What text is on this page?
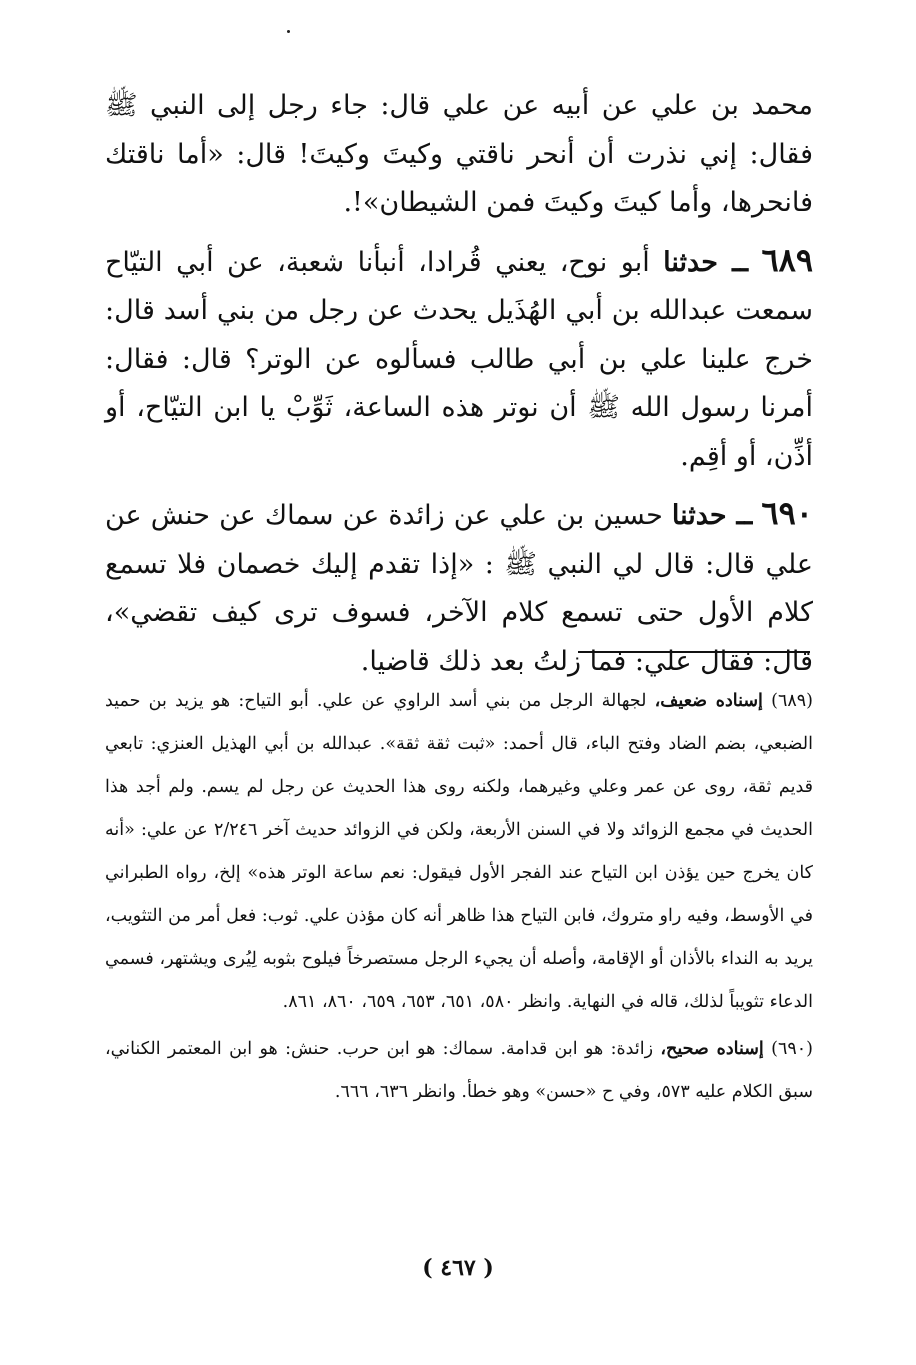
محمد بن علي عن أبيه عن علي قال: جاء رجل إلى النبي ﷺ فقال: إني نذرت أن أنحر ناقتي وكيتَ وكيتَ! قال: «أما ناقتك فانحرها، وأما كيتَ وكيتَ فمن الشيطان»!.

٦٨٩ ــ حدثنا أبو نوح، يعني قُرادا، أنبأنا شعبة، عن أبي التيّاح سمعت عبدالله بن أبي الهُذَيل يحدث عن رجل من بني أسد قال: خرج علينا علي بن أبي طالب فسألوه عن الوتر؟ قال: فقال: أمرنا رسول الله ﷺ أن نوتر هذه الساعة، ثَوِّبْ يا ابن التيّاح، أو أذِّن، أو أقِم.

٦٩٠ ــ حدثنا حسين بن علي عن زائدة عن سماك عن حنش عن علي قال: قال لي النبي ﷺ : «إذا تقدم إليك خصمان فلا تسمع كلام الأول حتى تسمع كلام الآخر، فسوف ترى كيف تقضي»، قال: فقال علي: فما زلتُ بعد ذلك قاضيا.

(٦٨٩) إسناده ضعيف، لجهالة الرجل من بني أسد الراوي عن علي. أبو التياح: هو يزيد بن حميد الضبعي، بضم الضاد وفتح الباء، قال أحمد: «ثبت ثقة ثقة». عبدالله بن أبي الهذيل العنزي: تابعي قديم ثقة، روى عن عمر وعلي وغيرهما، ولكنه روى هذا الحديث عن رجل لم يسم. ولم أجد هذا الحديث في مجمع الزوائد ولا في السنن الأربعة، ولكن في الزوائد حديث آخر ٢/٢٤٦ عن علي: «أنه كان يخرج حين يؤذن ابن التياح عند الفجر الأول فيقول: نعم ساعة الوتر هذه» إلخ، رواه الطبراني في الأوسط، وفيه راو متروك، فابن التياح هذا ظاهر أنه كان مؤذن علي. ثوب: فعل أمر من التثويب، يريد به النداء بالأذان أو الإقامة، وأصله أن يجيء الرجل مستصرخاً فيلوح بثوبه لِيُرى ويشتهر، فسمي الدعاء تثويباً لذلك، قاله في النهاية. وانظر ٥٨٠، ٦٥١، ٦٥٣، ٦٥٩، ٨٦٠، ٨٦١.

(٦٩٠) إسناده صحيح، زائدة: هو ابن قدامة. سماك: هو ابن حرب. حنش: هو ابن المعتمر الكناني، سبق الكلام عليه ٥٧٣، وفي ح «حسن» وهو خطأ. وانظر ٦٣٦، ٦٦٦.

( ٤٦٧ )
